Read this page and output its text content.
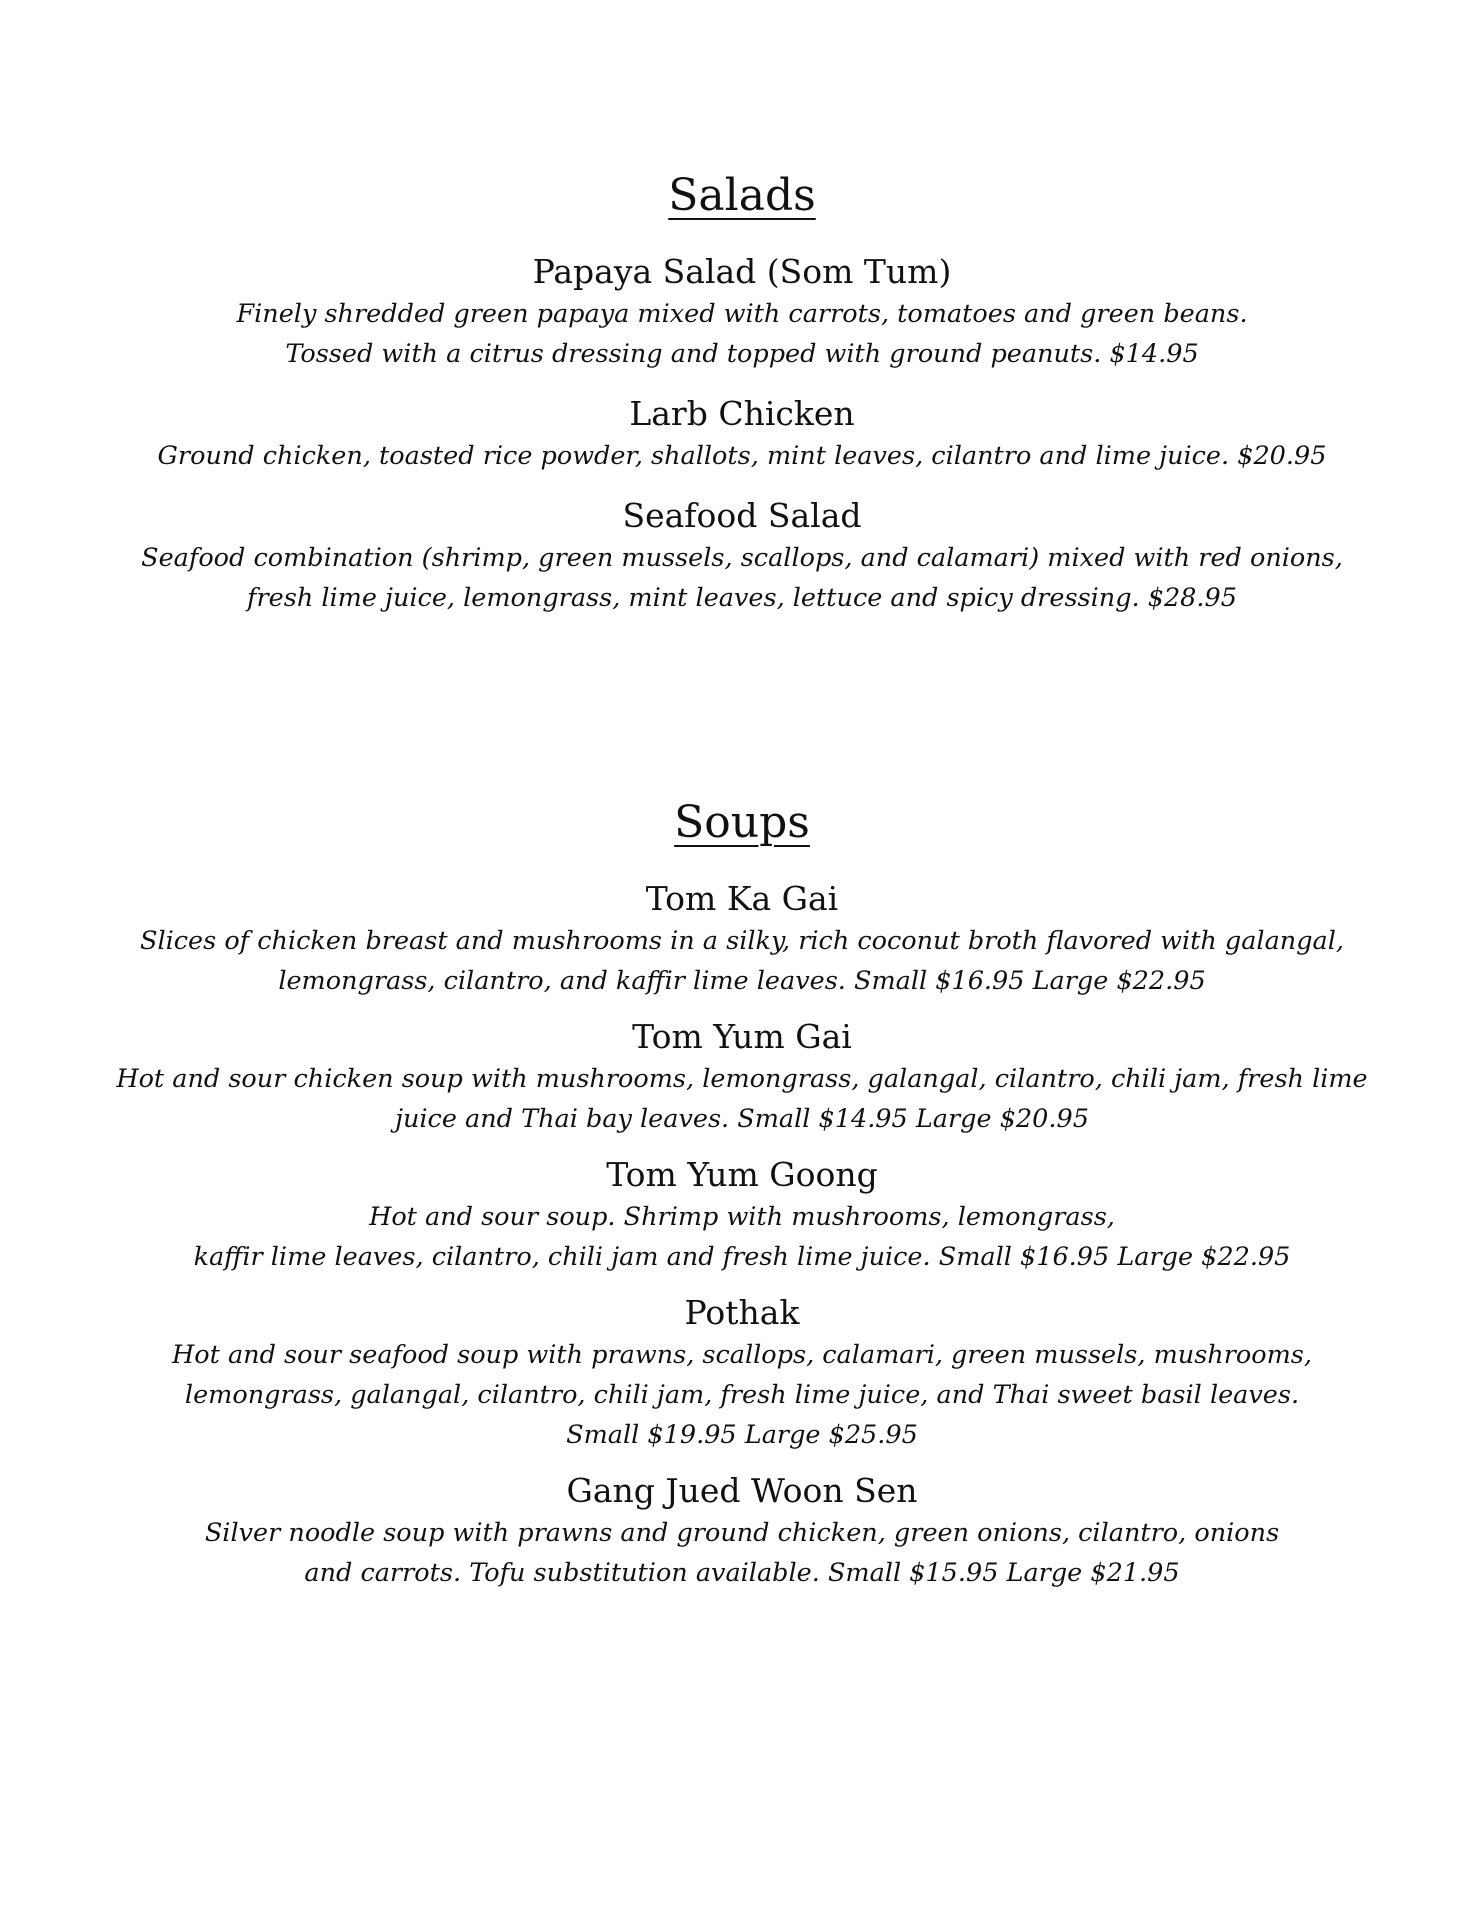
Salads
Papaya Salad (Som Tum)
Finely shredded green papaya mixed with carrots, tomatoes and green beans.
Tossed with a citrus dressing and topped with ground peanuts. $14.95
Larb Chicken
Ground chicken, toasted rice powder, shallots, mint leaves, cilantro and lime juice. $20.95
Seafood Salad
Seafood combination (shrimp, green mussels, scallops, and calamari) mixed with red onions,
fresh lime juice, lemongrass, mint leaves, lettuce and spicy dressing. $28.95
Soups
Tom Ka Gai
Slices of chicken breast and mushrooms in a silky, rich coconut broth flavored with galangal,
lemongrass, cilantro, and kaffir lime leaves. Small $16.95 Large $22.95
Tom Yum Gai
Hot and sour chicken soup with mushrooms, lemongrass, galangal, cilantro, chili jam, fresh lime
juice and Thai bay leaves. Small $14.95 Large $20.95
Tom Yum Goong
Hot and sour soup. Shrimp with mushrooms, lemongrass,
kaffir lime leaves, cilantro, chili jam and fresh lime juice. Small $16.95 Large $22.95
Pothak
Hot and sour seafood soup with prawns, scallops, calamari, green mussels, mushrooms,
lemongrass, galangal, cilantro, chili jam, fresh lime juice, and Thai sweet basil leaves.
Small $19.95 Large $25.95
Gang Jued Woon Sen
Silver noodle soup with prawns and ground chicken, green onions, cilantro, onions
and carrots. Tofu substitution available. Small $15.95 Large $21.95
